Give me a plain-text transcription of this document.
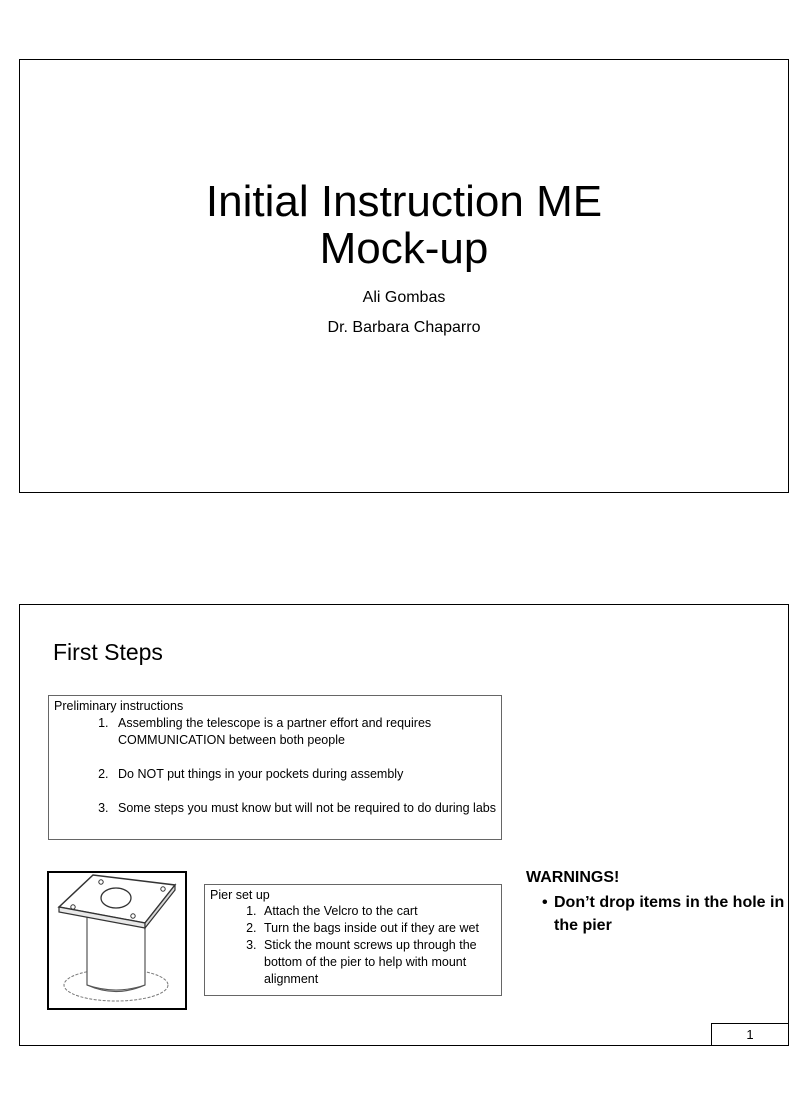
Initial Instruction ME
Mock-up
Ali Gombas
Dr. Barbara Chaparro
First Steps
Preliminary instructions
1. Assembling the telescope is a partner effort and requires COMMUNICATION between both people
2. Do NOT put things in your pockets during assembly
3. Some steps you must know but will not be required to do during labs
Pier set up
1. Attach the Velcro to the cart
2. Turn the bags inside out if they are wet
3. Stick the mount screws up through the bottom of the pier to help with mount alignment
WARNINGS!
• Don’t drop items in the hole in the pier
1
